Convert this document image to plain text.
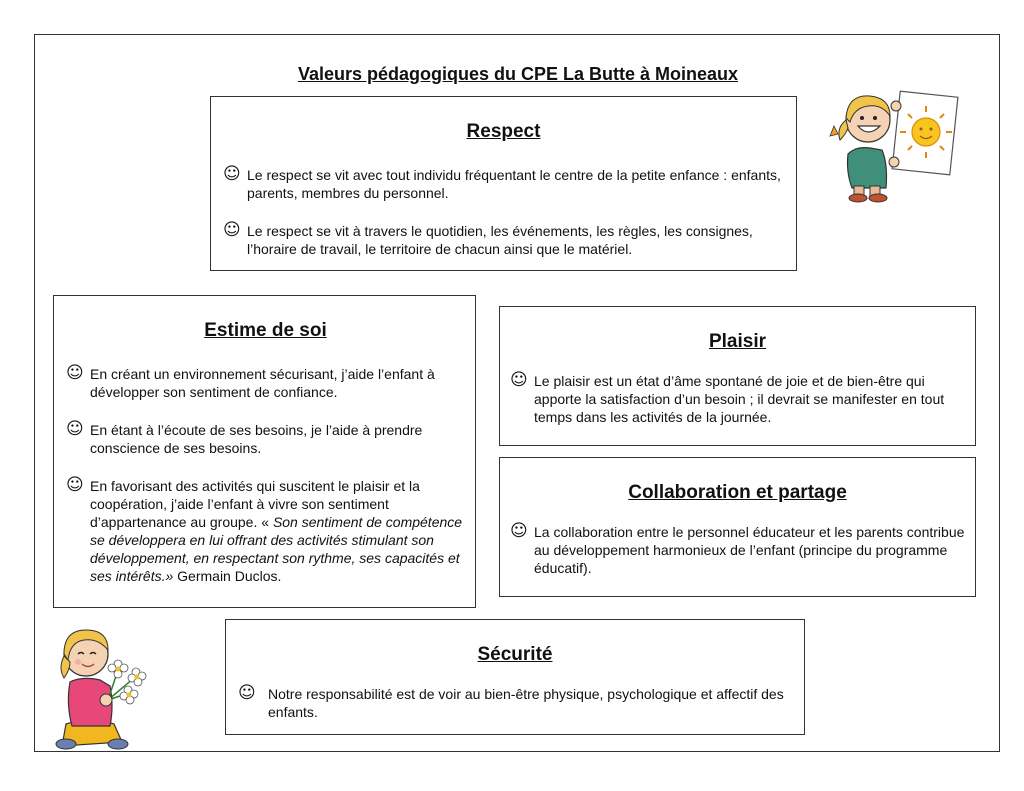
Valeurs pédagogiques du CPE La Butte à Moineaux
Respect
☺ Le respect se vit avec tout individu fréquentant le centre de la petite enfance : enfants, parents, membres du personnel.
☺ Le respect se vit à travers le quotidien, les événements, les règles, les consignes, l’horaire de travail, le territoire de chacun ainsi que le matériel.
Estime de soi
☺ En créant un environnement sécurisant, j’aide l’enfant à développer son sentiment de confiance.
☺ En étant à l’écoute de ses besoins, je l’aide à prendre conscience de ses besoins.
☺ En favorisant des activités qui suscitent le plaisir et la coopération, j’aide l’enfant à vivre son sentiment d’appartenance au groupe. « Son sentiment de compétence se développera en lui offrant des activités stimulant son développement, en respectant son rythme, ses capacités et ses intérêts.» Germain Duclos.
Plaisir
☺ Le plaisir est un état d’âme spontané de joie et de bien-être qui apporte la satisfaction d’un besoin ; il devrait se manifester en tout temps dans les activités de la journée.
Collaboration et partage
☺ La collaboration entre le personnel éducateur et les parents contribue au développement harmonieux de l’enfant (principe du programme éducatif).
Sécurité
☺ Notre responsabilité est de voir au bien-être physique, psychologique et affectif des enfants.
